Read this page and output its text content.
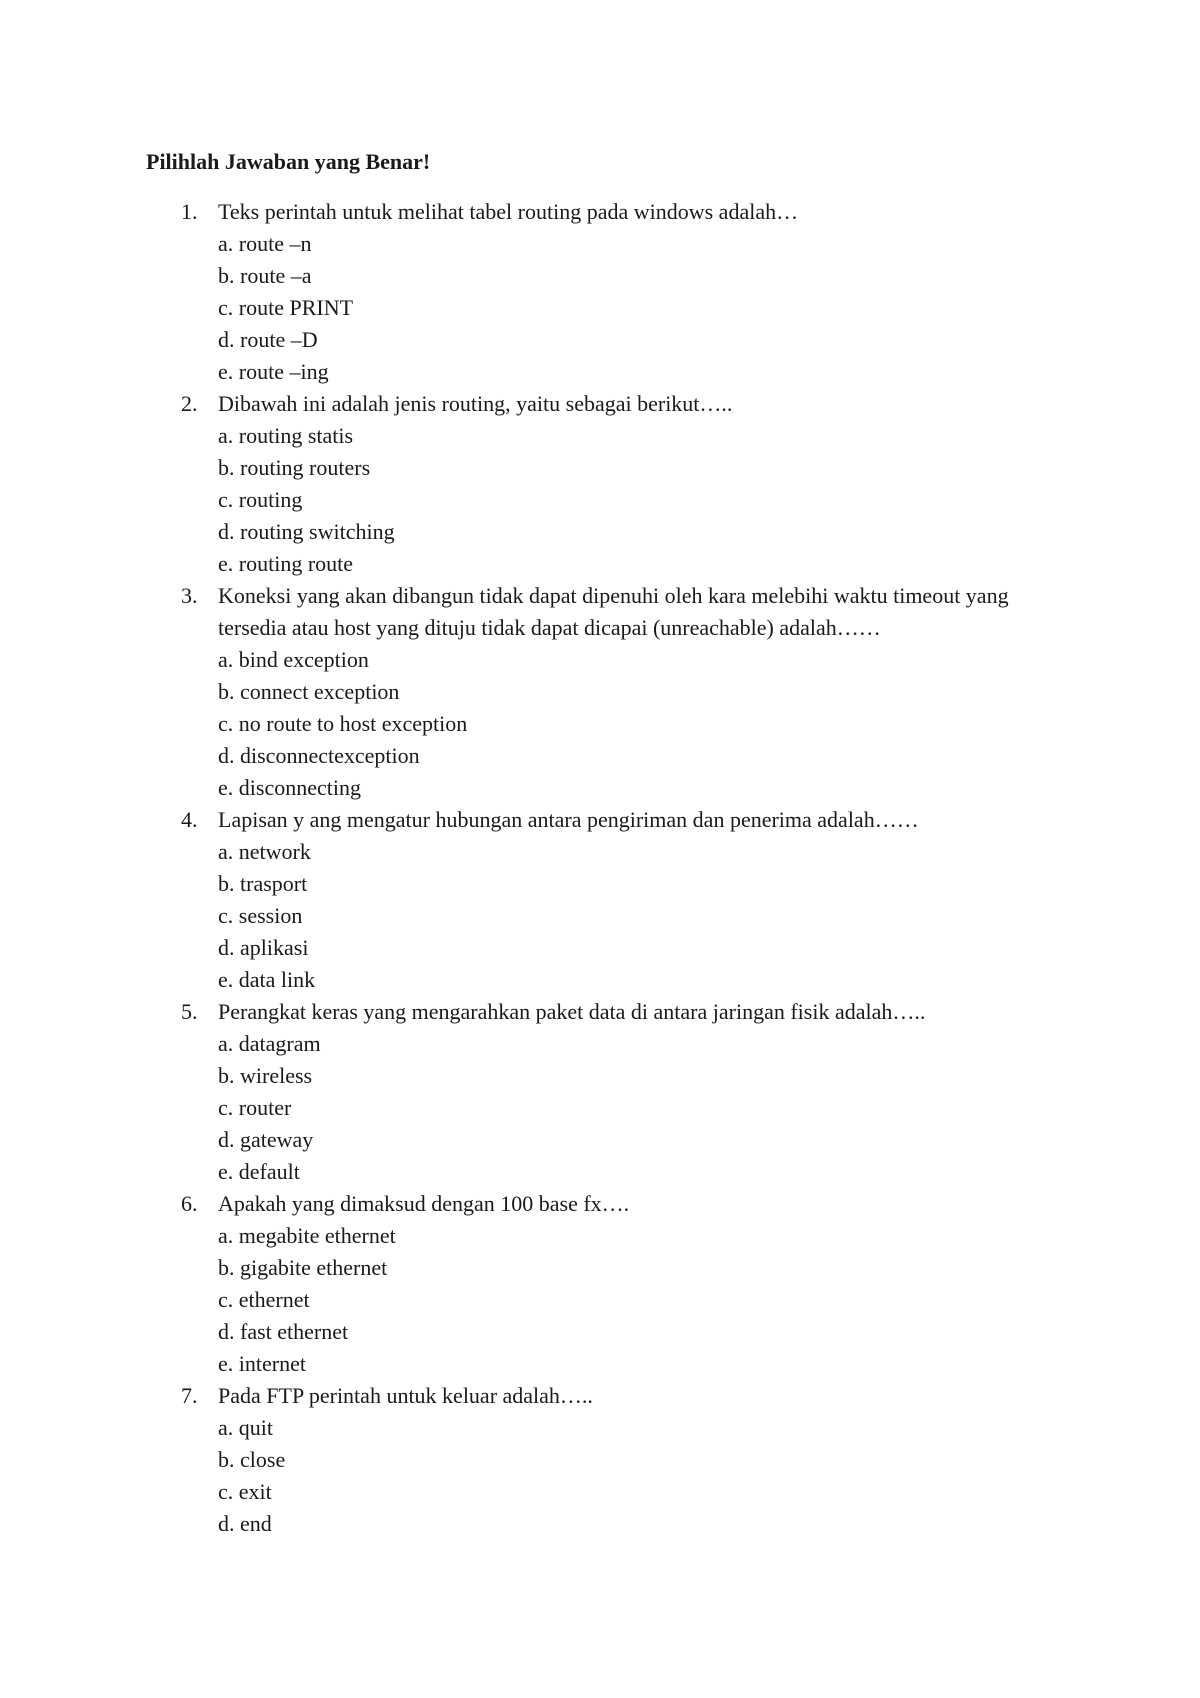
Pilihlah Jawaban yang Benar!

1. Teks perintah untuk melihat tabel routing pada windows adalah…
a. route –n
b. route –a
c. route PRINT
d. route –D
e. route –ing
2. Dibawah ini adalah jenis routing, yaitu sebagai berikut…..
a. routing statis
b. routing routers
c. routing
d. routing switching
e. routing route
3. Koneksi yang akan dibangun tidak dapat dipenuhi oleh kara melebihi waktu timeout yang tersedia atau host yang dituju tidak dapat dicapai (unreachable) adalah……
a. bind exception
b. connect exception
c. no route to host exception
d. disconnectexception
e. disconnecting
4. Lapisan y ang mengatur hubungan antara pengiriman dan penerima adalah……
a. network
b. trasport
c. session
d. aplikasi
e. data link
5. Perangkat keras yang mengarahkan paket data di antara jaringan fisik adalah…..
a. datagram
b. wireless
c. router
d. gateway
e. default
6. Apakah yang dimaksud dengan 100 base fx….
a. megabite ethernet
b. gigabite ethernet
c. ethernet
d. fast ethernet
e. internet
7. Pada FTP perintah untuk keluar adalah…..
a. quit
b. close
c. exit
d. end
